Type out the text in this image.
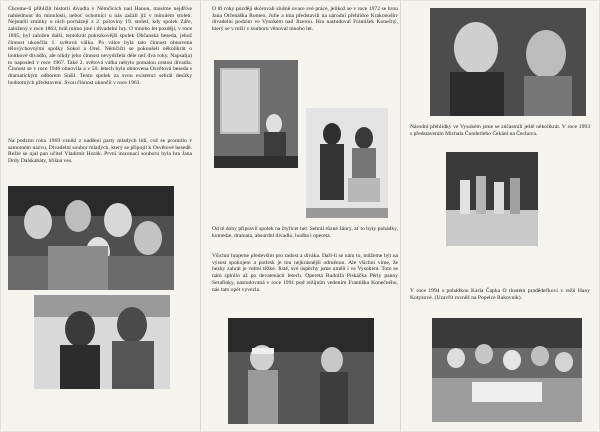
Chceme-li přiblížit historii divadla v Němčicích nad Hanou, musíme nejdříve nahlédnout do minulosti, neboť ochotníci u nás začali již v minulém století. Nejstarší zmínky o nich pocházejí z 2. poloviny 19. století, kdy spolek Záře, založený v roce 1863, hrál mimo jiné i divadelní hry. O mnoho let později, v roce 1895, byl založen další, tentokrát pokrokovější spolek Občanská beseda, jehož činnost ukončila 1. světová válka. Po válce byla tato činnost obnovena tělovýchovnými spolky Sokol a Orel. Němčičtí se pokoušeli několikrát o loutkové divadlo, ale nikdy jeho činnost nevydržela déle než dva roky. Napsal(a) to naposled v roce 1967. Také 2. světová válka nebylo pomalou cestou divadla. Činnost se v roce 1946 obnovila a v 50. letech byla obnovena Osvětová beseda s dramatickým odborem Sušil. Tento spolek za svou existenci sehrál desítky hodnotných představení. Svou činnost ukončil v roce 1963.

Na podzim roku 1969 vznikl z nadšení party mladých lidí, což se promítlo v samotném názvu, Divadelní soubor mladých, který se připojil k Osvětové besedě. Režie se ujal pan učitel Vladimír Horák. První inscenací souboru byla hra Jana Drdy Dalskabáty, hříšná ves.

O tři roky později skórovali slušně ovace své práce, jelikož se v roce 1972 se hrou Jana Otčenáška Romeo, Julie a tma představili na národní přehlídce Krakonošův divadelní podzim ve Vysokém nad Jizerou. Hra nastudoval František Konečný, který se v režii v souboru věnoval mnoho let.

Od té doby připravil spolek na čtyřicet her. Sehrál různé žánry, ať to byly pohádky, komedie, dramata, absurdní divadlo, hudba i opereta.

Všichni hrajeme především pro radost a diváka. Daří-li se nám to, můžeme být na výsost spokojeni a potlesk je tou nejkrásnější odměnou. Ale všichni víme, že hezky zahrát je velmi těžké. Jistě, své úspěchy jsme uměli i ve Vysokém. Toto se nám splnilo až po devatenácti letech. Opereta Rudolfa Piskáčka Perly panny Serafinky, nastudovaná v roce 1991 pod režijním vedením Františka Konečného, nás tam opět vyvezla.

Národní přehlídky ve Vysokém jsme se zúčastnili ještě několikrát. V roce 1993 s představením Michala Čunderleho Čekání na Čechova.

V roce 1994 s pohádkou Karla Čapka O tlustém pradědečkovi v režii Hany Kotyzové. (Uzavřít rovněž na Popelce Rakovník).
